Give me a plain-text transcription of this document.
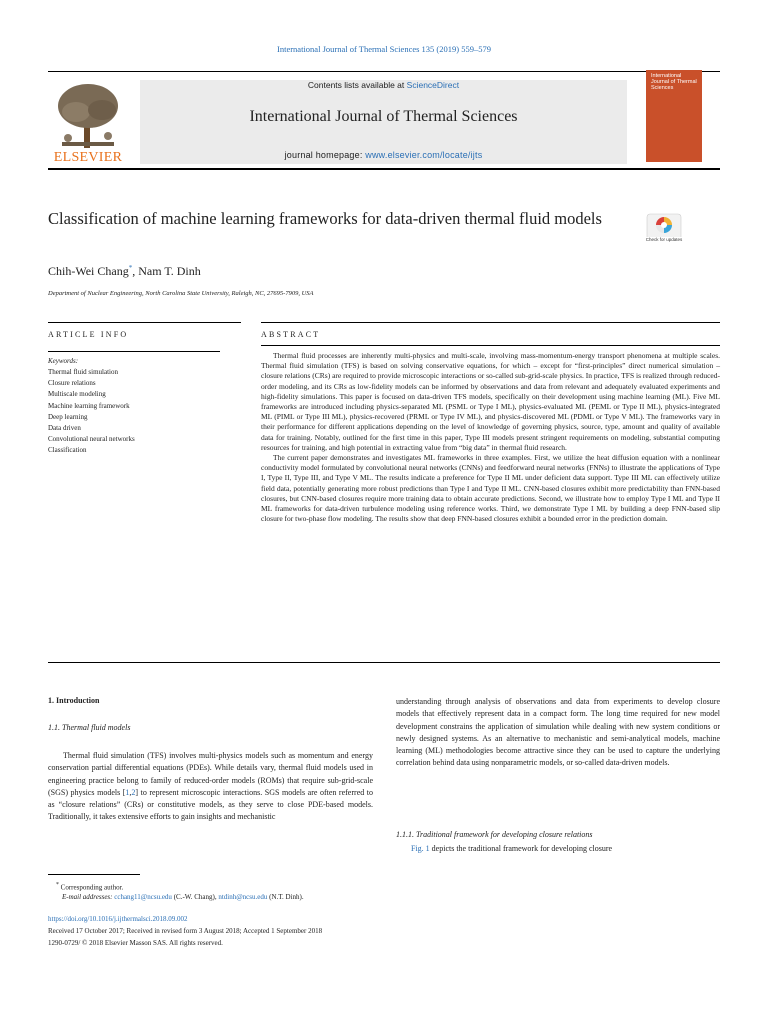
International Journal of Thermal Sciences 135 (2019) 559–579
ELSEVIER
Contents lists available at ScienceDirect
International Journal of Thermal Sciences
journal homepage: www.elsevier.com/locate/ijts
International Journal of Thermal Sciences
Classification of machine learning frameworks for data-driven thermal fluid models
Check for updates
Chih-Wei Chang*, Nam T. Dinh
Department of Nuclear Engineering, North Carolina State University, Raleigh, NC, 27695-7909, USA
ARTICLE INFO	ABSTRACT
Keywords:
Thermal fluid simulation
Closure relations
Multiscale modeling
Machine learning framework
Deep learning
Data driven
Convolutional neural networks
Classification

Thermal fluid processes are inherently multi-physics and multi-scale, involving mass-momentum-energy transport phenomena at multiple scales. Thermal fluid simulation (TFS) is based on solving conservative equations, for which – except for “first-principles” direct numerical simulation – closure relations (CRs) are required to provide microscopic interactions or so-called sub-grid-scale physics. In practice, TFS is realized through reduced-order modeling, and its CRs as low-fidelity models can be informed by observations and data from relevant and adequately evaluated experiments and high-fidelity simulations. This paper is focused on data-driven TFS models, specifically on their development using machine learning (ML). Five ML frameworks are introduced including physics-separated ML (PSML or Type I ML), physics-evaluated ML (PEML or Type II ML), physics-integrated ML (PIML or Type III ML), physics-recovered (PRML or Type IV ML), and physics-discovered ML (PDML or Type V ML). The frameworks vary in their performance for different applications depending on the level of knowledge of governing physics, source, type, amount and quality of available data for training. Notably, outlined for the first time in this paper, Type III models present stringent requirements on modeling, substantial computing resources for training, and high potential in extracting value from “big data” in thermal fluid research.

The current paper demonstrates and investigates ML frameworks in three examples. First, we utilize the heat diffusion equation with a nonlinear conductivity model formulated by convolutional neural networks (CNNs) and feedforward neural networks (FNNs) to illustrate the applications of Type I, Type II, Type III, and Type V ML. The results indicate a preference for Type II ML under deficient data support. Type III ML can effectively utilize field data, potentially generating more robust predictions than Type I and Type II ML. CNN-based closures exhibit more predictability than FNN-based closures, but CNN-based closures require more training data to obtain accurate predictions. Second, we illustrate how to employ Type I ML and Type II ML frameworks for data-driven turbulence modeling using reference works. Third, we demonstrate Type I ML by building a deep FNN-based slip closure for two-phase flow modeling. The results show that deep FNN-based closures exhibit a bounded error in the prediction domain.

1. Introduction
1.1. Thermal fluid models

Thermal fluid simulation (TFS) involves multi-physics models such as momentum and energy conservation partial differential equations (PDEs). While details vary, thermal fluid models used in engineering practice belong to family of reduced-order models (ROMs) that require sub-grid-scale (SGS) physics models [1,2] to represent microscopic interactions. SGS models are often referred to as “closure relations” (CRs) or constitutive models, as they serve to close PDE-based models. Traditionally, it takes extensive efforts to gain insights and mechanistic

understanding through analysis of observations and data from experiments to develop closure models that effectively represent data in a compact form. The long time required for new model development constrains the application of simulation while dealing with new system conditions or newly designed systems. As an alternative to mechanistic and semi-analytical models, machine learning (ML) methodologies become attractive since they can be used to capture the underlying correlation behind data using nonparametric models, or so-called data-driven models.

1.1.1. Traditional framework for developing closure relations

Fig. 1 depicts the traditional framework for developing closure

* Corresponding author.
E-mail addresses: cchang11@ncsu.edu (C.-W. Chang), ntdinh@ncsu.edu (N.T. Dinh).
https://doi.org/10.1016/j.ijthermalsci.2018.09.002
Received 17 October 2017; Received in revised form 3 August 2018; Accepted 1 September 2018
1290-0729/ © 2018 Elsevier Masson SAS. All rights reserved.
